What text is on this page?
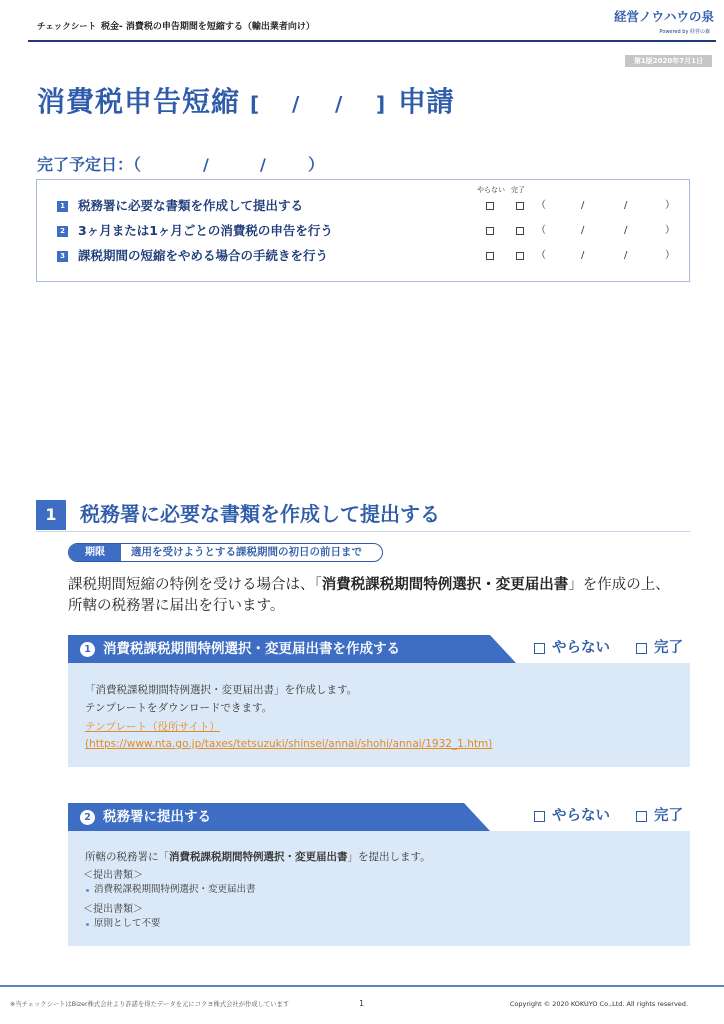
チェックシート 税金- 消費税の申告期間を短縮する（輸出業者向け）
経営ノウハウの泉
Powered by 経営の森
第1版2020年7月1日
消費税申告短縮 [ / / ] 申請
完了予定日：（	/	/	）
やらない 完了
1 税務署に必要な書類を作成して提出する	（	/	/	）
2 3ヶ月または1ヶ月ごとの消費税の申告を行う	（	/	/	）
3 課税期間の短縮をやめる場合の手続きを行う	（	/	/	）
1	税務署に必要な書類を作成して提出する
期限	適用を受けようとする課税期間の初日の前日まで
課税期間短縮の特例を受ける場合は、「消費税課税期間特例選択・変更届出書」を作成の上、
所轄の税務署に届出を行います。
1 消費税課税期間特例選択・変更届出書を作成する	やらない	完了
「消費税課税期間特例選択・変更届出書」を作成します。
テンプレートをダウンロードできます。
テンプレート（役所サイト）
(https://www.nta.go.jp/taxes/tetsuzuki/shinsei/annai/shohi/annai/1932_1.htm)
2 税務署に提出する	やらない	完了
所轄の税務署に「消費税課税期間特例選択・変更届出書」を提出します。
＜提出書類＞
消費税課税期間特例選択・変更届出書
＜提出書類＞
原則として不要
※当チェックシートはBizer株式会社より許諾を得たデータを元にコクヨ株式会社が作成しています	1	Copyright © 2020 KOKUYO Co.,Ltd. All rights reserved.
